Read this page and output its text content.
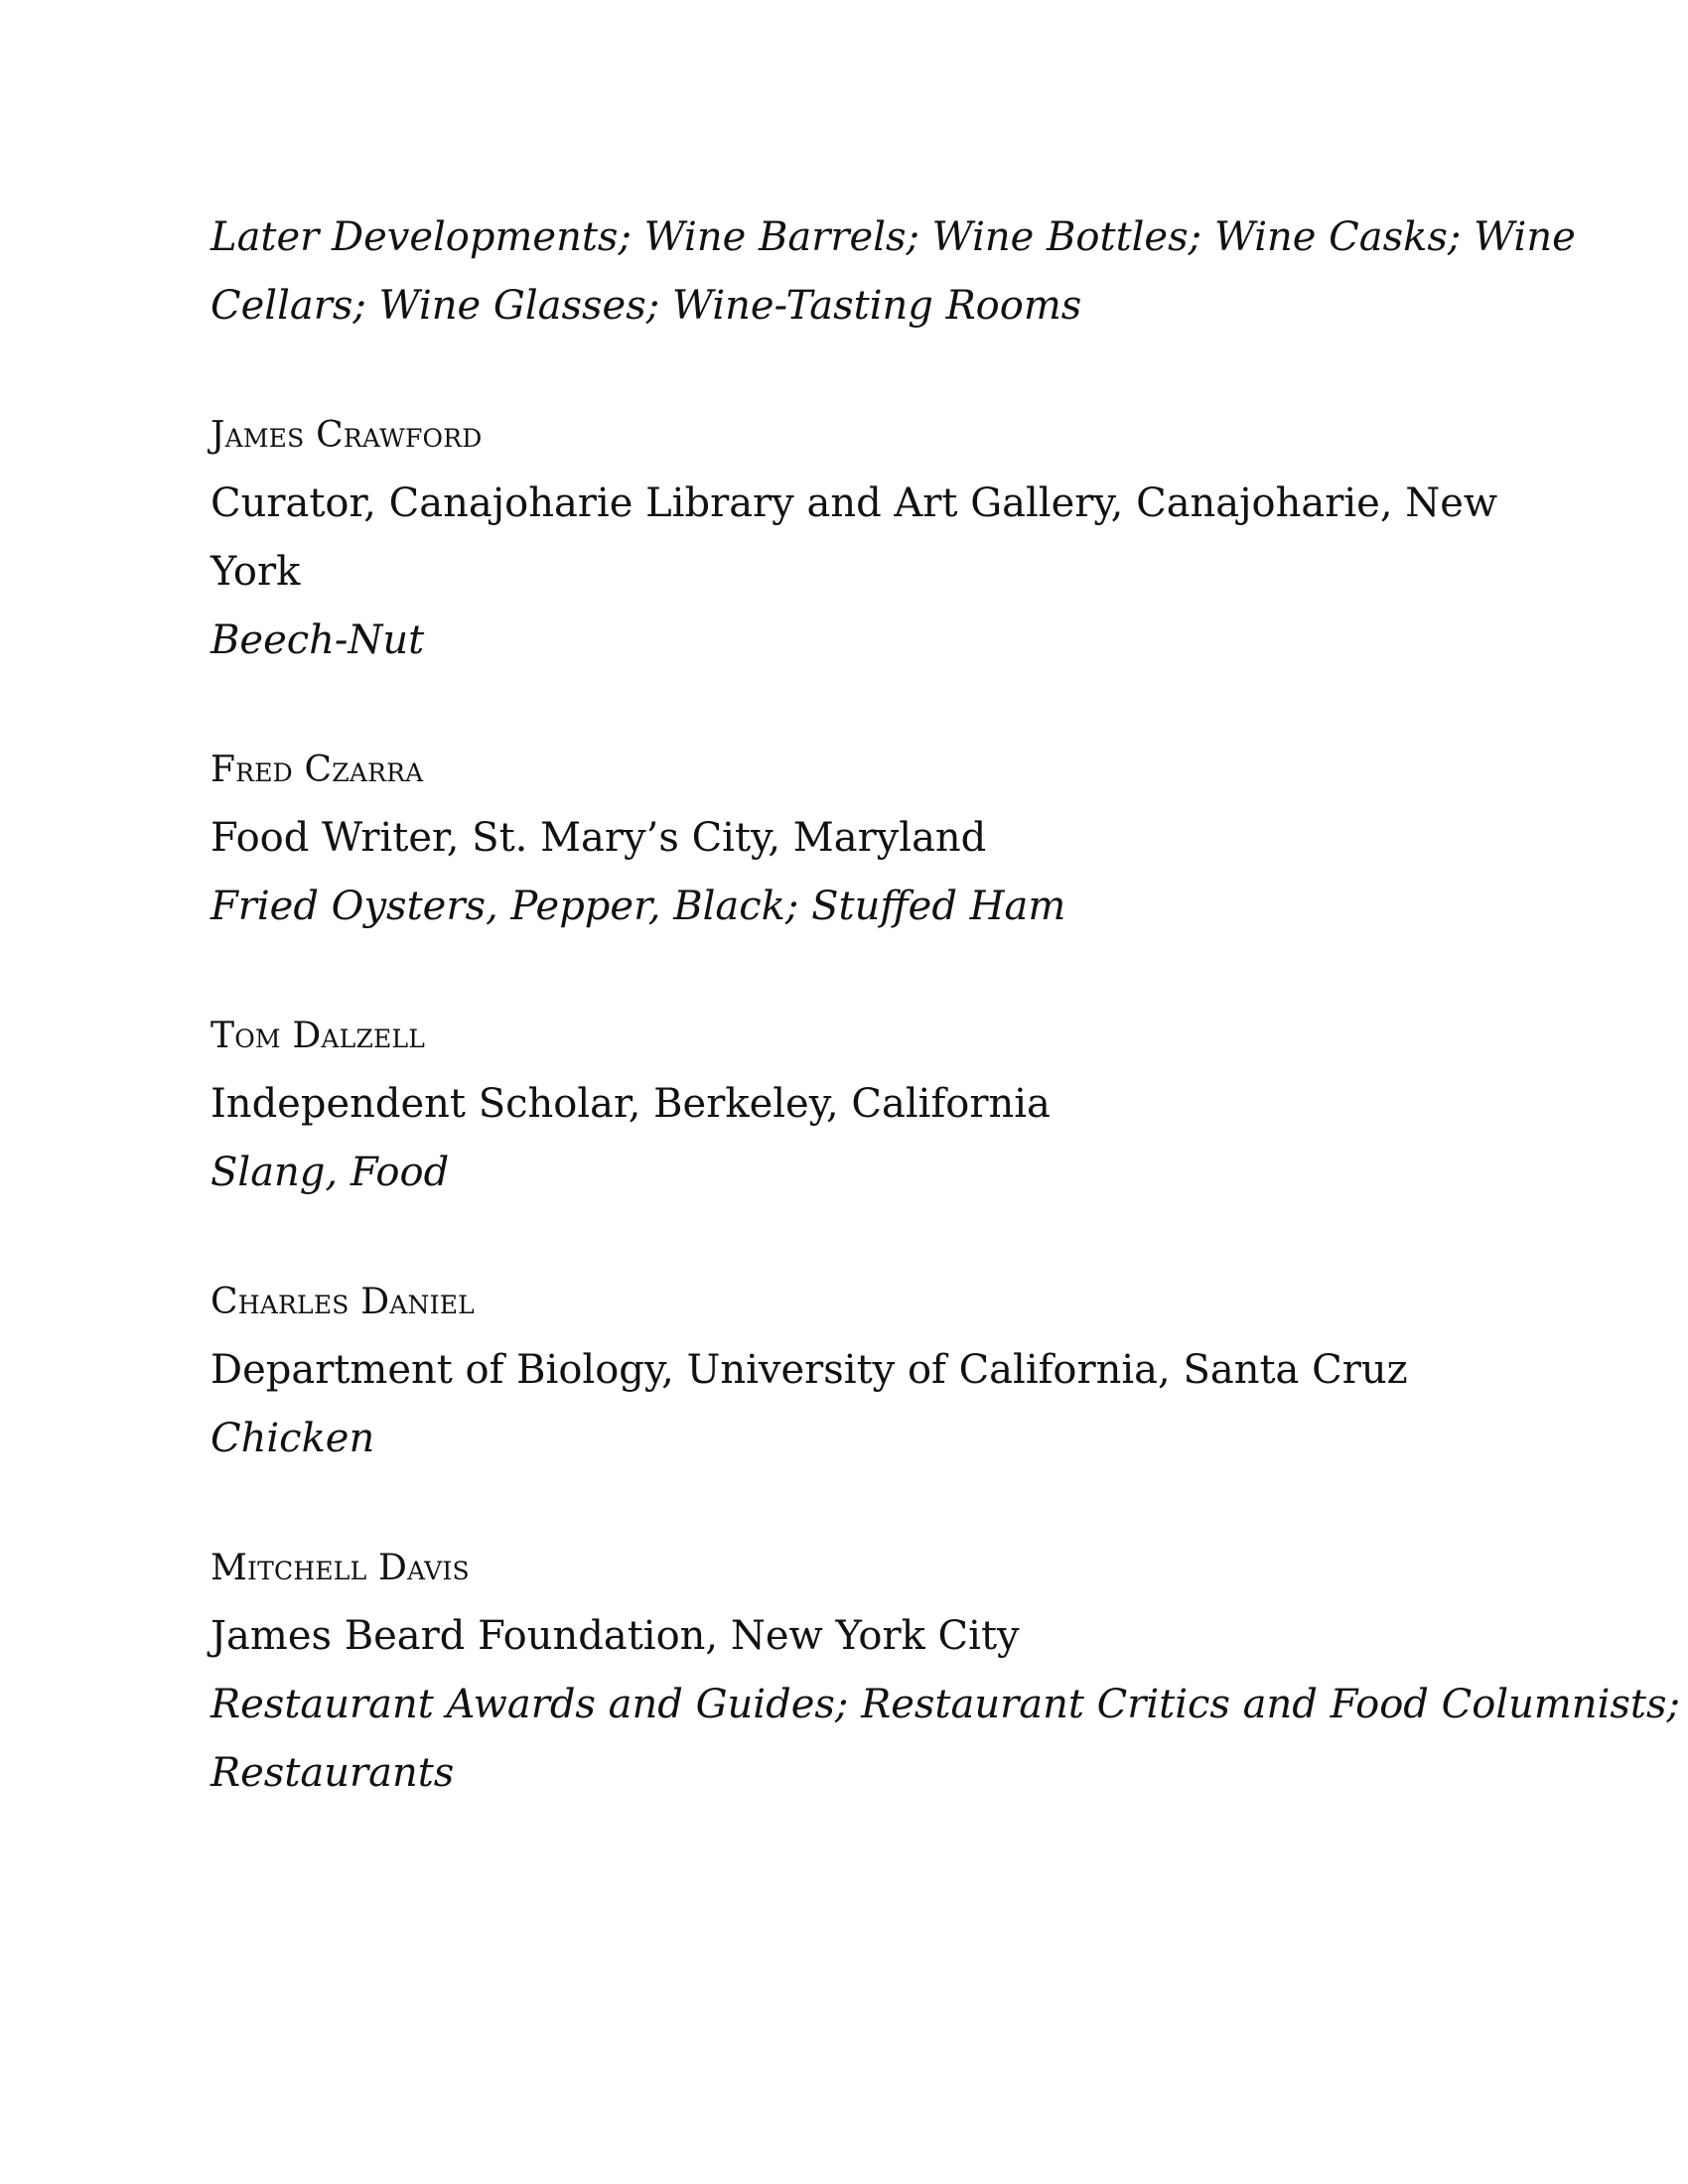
Later Developments; Wine Barrels; Wine Bottles; Wine Casks; Wine

Cellars; Wine Glasses; Wine-Tasting Rooms

James Crawford

Curator, Canajoharie Library and Art Gallery, Canajoharie, New

York

Beech-Nut

Fred Czarra

Food Writer, St. Mary’s City, Maryland

Fried Oysters, Pepper, Black; Stuffed Ham

Tom Dalzell

Independent Scholar, Berkeley, California

Slang, Food

Charles Daniel

Department of Biology, University of California, Santa Cruz

Chicken

Mitchell Davis

James Beard Foundation, New York City

Restaurant Awards and Guides; Restaurant Critics and Food Columnists;

Restaurants
